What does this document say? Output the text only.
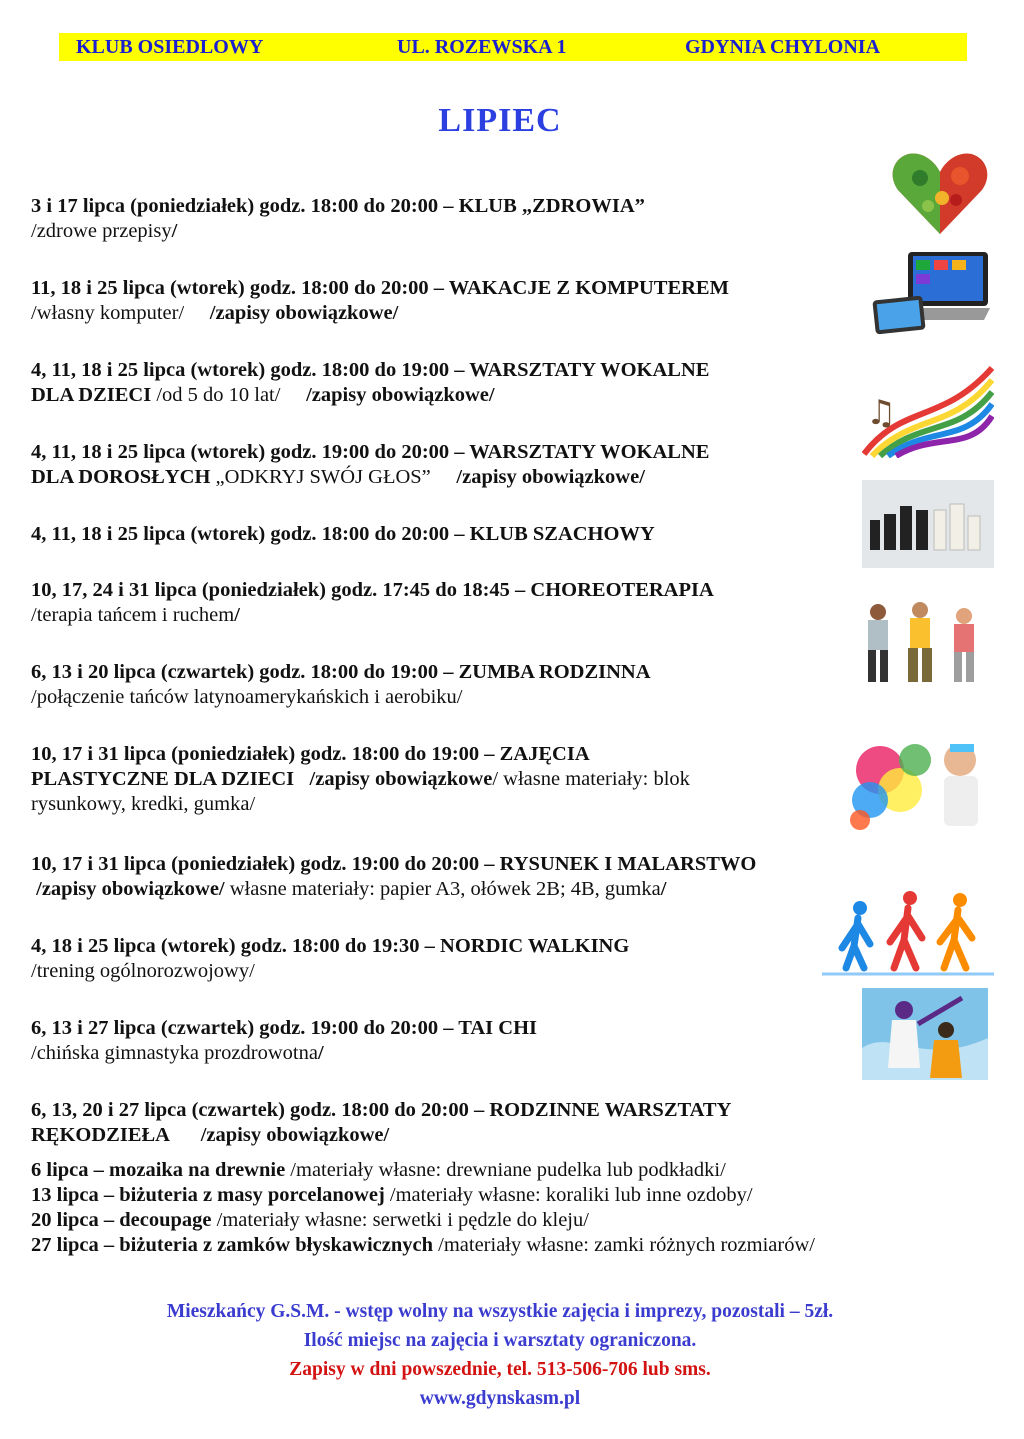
KLUB OSIEDLOWY	UL. ROZEWSKA 1	GDYNIA CHYLONIA
LIPIEC

3 i 17 lipca (poniedziałek) godz. 18:00 do 20:00 – KLUB „ZDROWIA”

/zdrowe przepisy/

11, 18 i 25 lipca (wtorek) godz. 18:00 do 20:00 – WAKACJE Z KOMPUTEREM

/własny komputer/     /zapisy obowiązkowe/

4, 11, 18 i 25 lipca (wtorek) godz. 18:00 do 19:00 – WARSZTATY WOKALNE

DLA DZIECI /od 5 do 10 lat/     /zapisy obowiązkowe/

4, 11, 18 i 25 lipca (wtorek) godz. 19:00 do 20:00 – WARSZTATY WOKALNE

DLA DOROSŁYCH „ODKRYJ SWÓJ GŁOS”     /zapisy obowiązkowe/

4, 11, 18 i 25 lipca (wtorek) godz. 18:00 do 20:00 – KLUB SZACHOWY

10, 17, 24 i 31 lipca (poniedziałek) godz. 17:45 do 18:45 – CHOREOTERAPIA

/terapia tańcem i ruchem/

6, 13 i 20 lipca (czwartek) godz. 18:00 do 19:00 – ZUMBA RODZINNA

/połączenie tańców latynoamerykańskich i aerobiku/

10, 17 i 31 lipca (poniedziałek) godz. 18:00 do 19:00 – ZAJĘCIA

PLASTYCZNE DLA DZIECI /zapisy obowiązkowe/ własne materiały: blok

rysunkowy, kredki, gumka/

10, 17 i 31 lipca (poniedziałek) godz. 19:00 do 20:00 – RYSUNEK I MALARSTWO

/zapisy obowiązkowe/ własne materiały: papier A3, ołówek 2B; 4B, gumka/

4, 18 i 25 lipca (wtorek) godz. 18:00 do 19:30 – NORDIC WALKING

/trening ogólnorozwojowy/

6, 13 i 27 lipca (czwartek) godz. 19:00 do 20:00 – TAI CHI

/chińska gimnastyka prozdrowotna/

6, 13, 20 i 27 lipca (czwartek) godz. 18:00 do 20:00 – RODZINNE WARSZTATY

RĘKODZIEŁA /zapisy obowiązkowe/

6 lipca – mozaika na drewnie /materiały własne: drewniane pudelka lub podkładki/

13 lipca – biżuteria z masy porcelanowej /materiały własne: koraliki lub inne ozdoby/

20 lipca – decoupage /materiały własne: serwetki i pędzle do kleju/

27 lipca – biżuteria z zamków błyskawicznych /materiały własne: zamki różnych rozmiarów/

Mieszkańcy G.S.M. - wstęp wolny na wszystkie zajęcia i imprezy, pozostali – 5zł.

Ilość miejsc na zajęcia i warsztaty ograniczona.

Zapisy w dni powszednie, tel. 513-506-706 lub sms.

www.gdynskasm.pl

♫
